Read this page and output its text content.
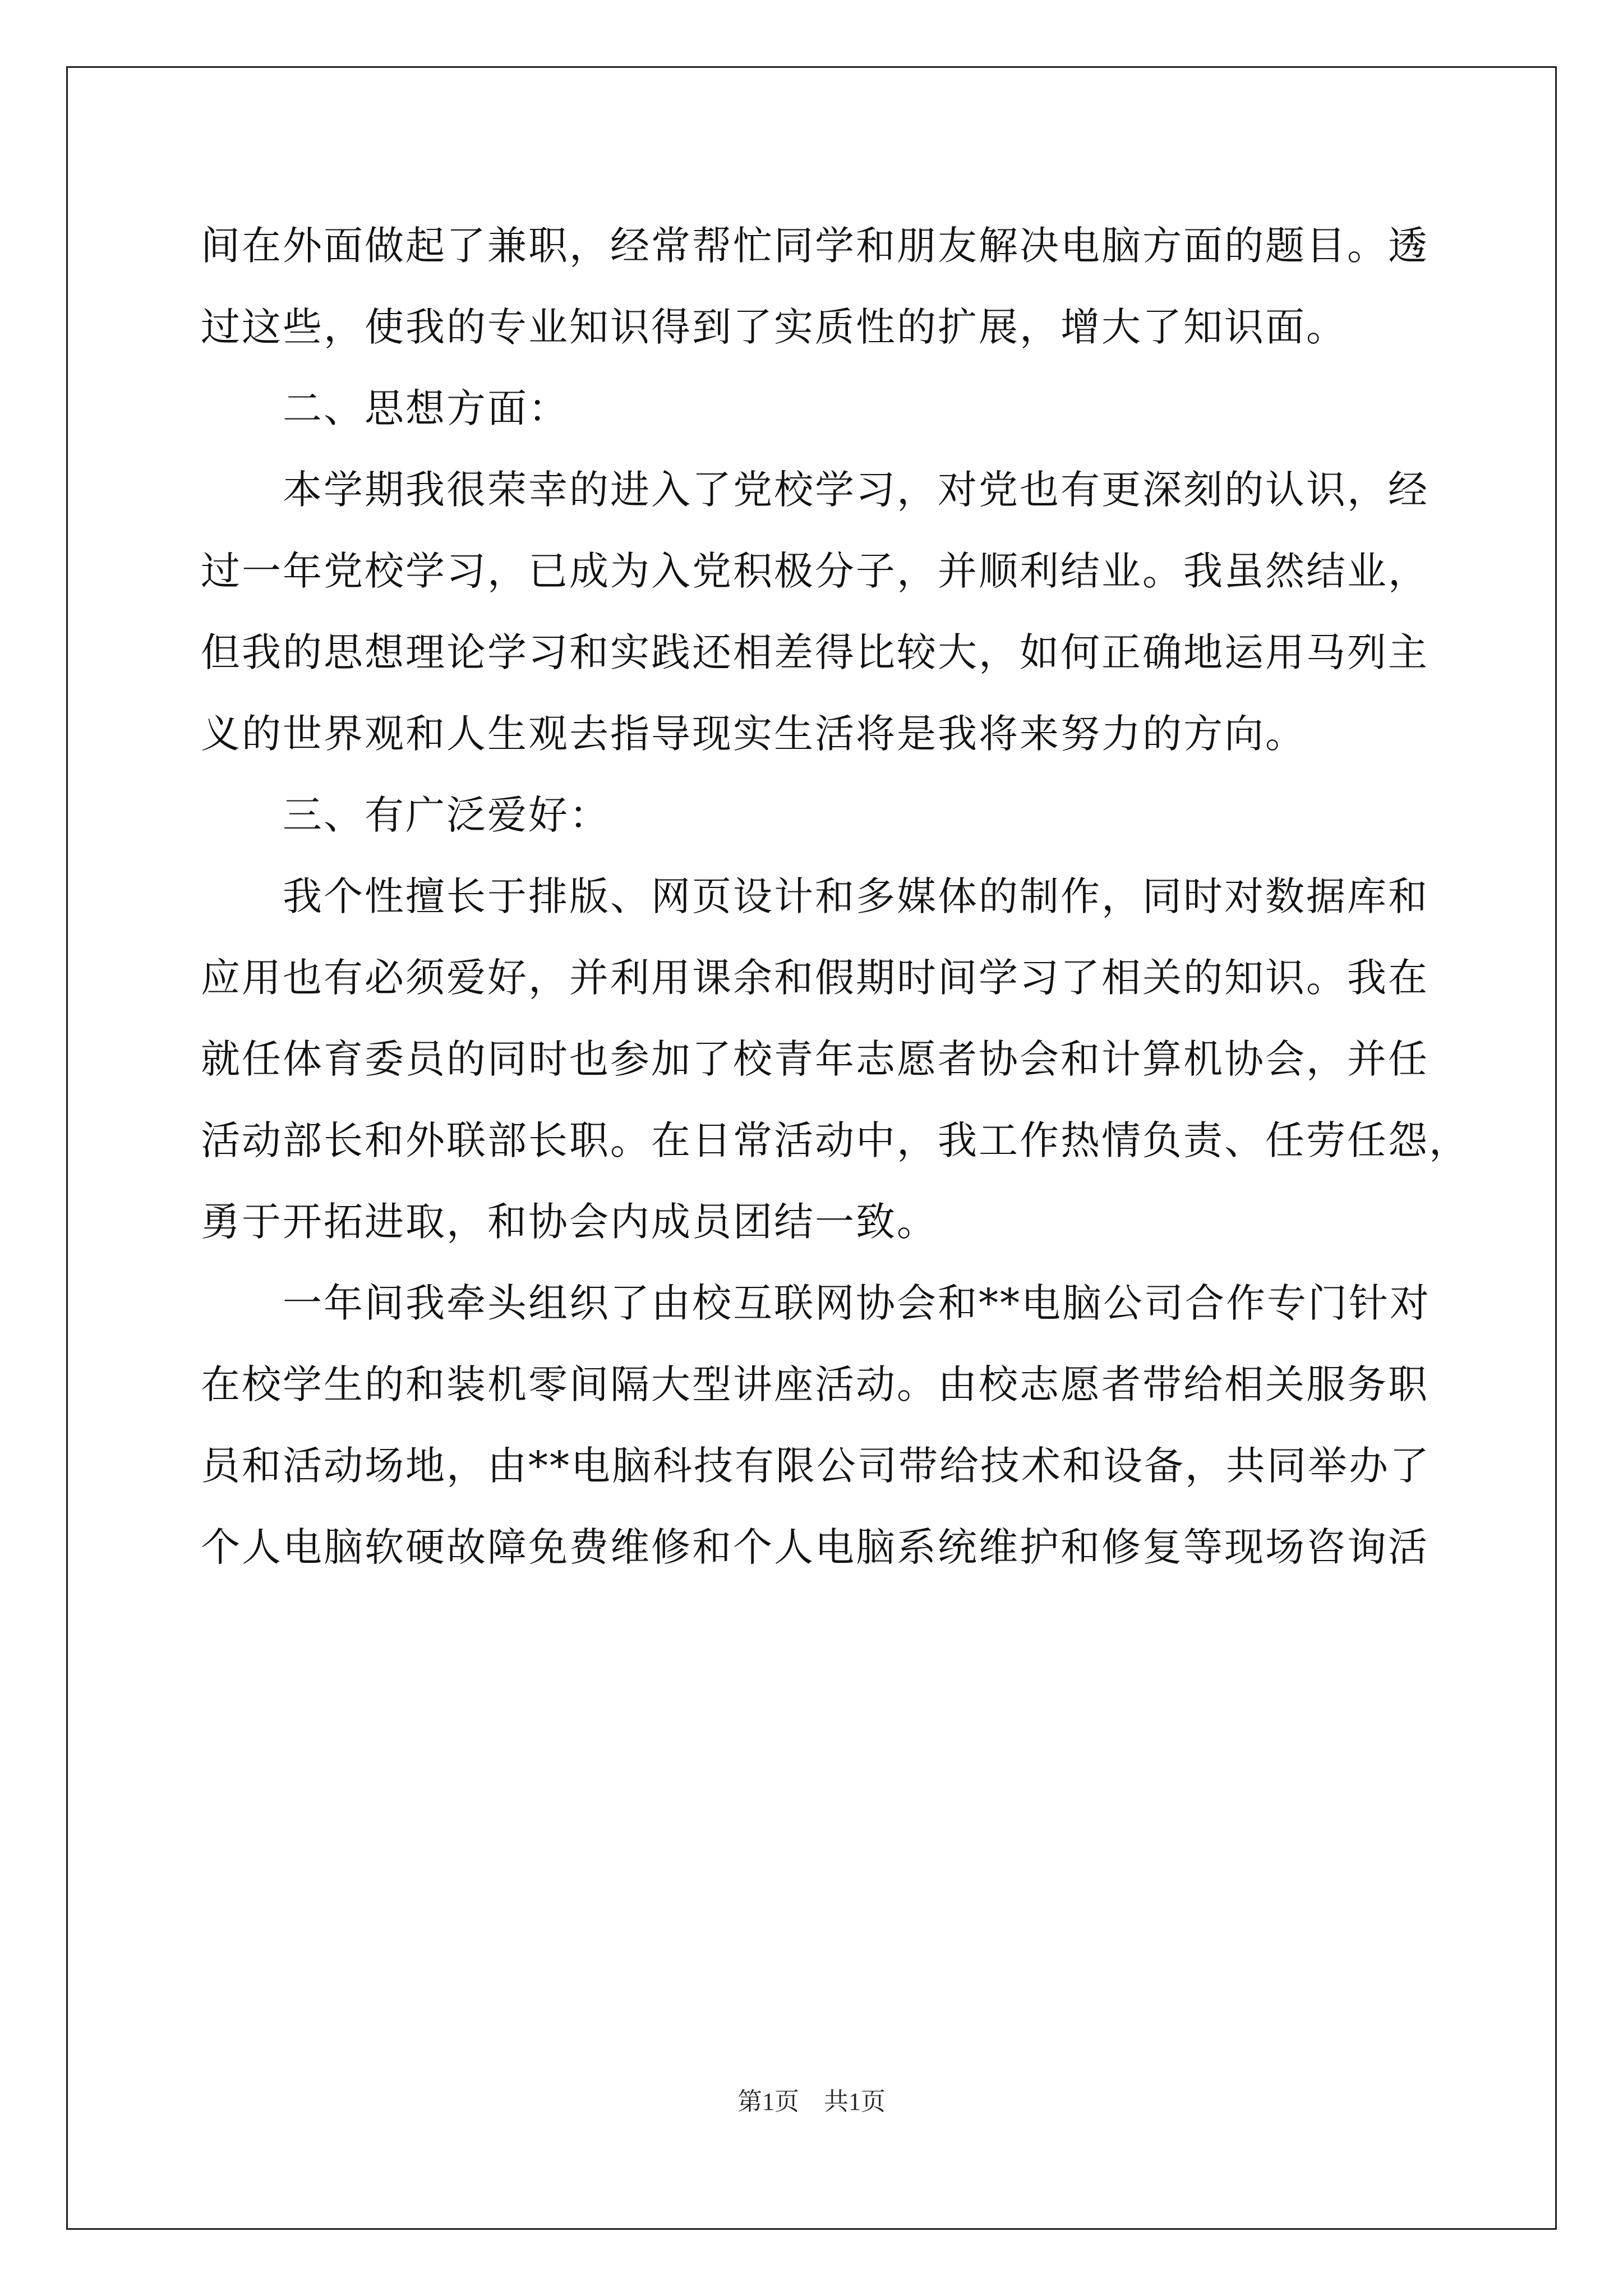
间在外面做起了兼职，经常帮忙同学和朋友解决电脑方面的题目。透
过这些，使我的专业知识得到了实质性的扩展，增大了知识面。
二、思想方面：
本学期我很荣幸的进入了党校学习，对党也有更深刻的认识，经
过一年党校学习，已成为入党积极分子，并顺利结业。我虽然结业，
但我的思想理论学习和实践还相差得比较大，如何正确地运用马列主
义的世界观和人生观去指导现实生活将是我将来努力的方向。
三、有广泛爱好：
我个性擅长于排版、网页设计和多媒体的制作，同时对数据库和
应用也有必须爱好，并利用课余和假期时间学习了相关的知识。我在
就任体育委员的同时也参加了校青年志愿者协会和计算机协会，并任
活动部长和外联部长职。在日常活动中，我工作热情负责、任劳任怨，
勇于开拓进取，和协会内成员团结一致。
一年间我牵头组织了由校互联网协会和**电脑公司合作专门针对
在校学生的和装机零间隔大型讲座活动。由校志愿者带给相关服务职
员和活动场地，由**电脑科技有限公司带给技术和设备，共同举办了
个人电脑软硬故障免费维修和个人电脑系统维护和修复等现场咨询活
第1页　共1页
